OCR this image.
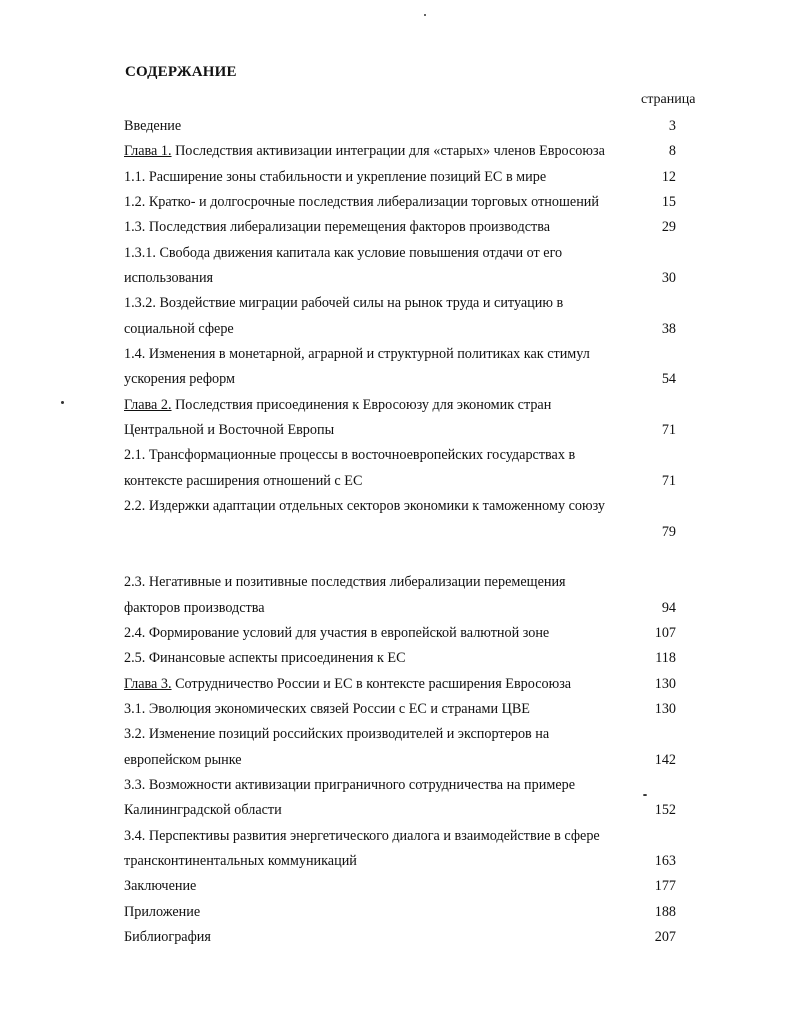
СОДЕРЖАНИЕ
страница
Введение	3
Глава 1. Последствия активизации интеграции для «старых» членов Евросоюза	8
1.1. Расширение зоны стабильности и укрепление позиций ЕС в мире	12
1.2. Кратко- и долгосрочные последствия либерализации торговых отношений	15
1.3. Последствия либерализации перемещения факторов производства	29
1.3.1. Свобода движения капитала как условие повышения отдачи от его
использования	30
1.3.2. Воздействие миграции рабочей силы на рынок труда и ситуацию в
социальной сфере	38
1.4. Изменения в монетарной, аграрной и структурной политиках как стимул
ускорения реформ	54
Глава 2. Последствия присоединения к Евросоюзу для экономик стран
Центральной и Восточной Европы	71
2.1. Трансформационные процессы в восточноевропейских государствах в
контексте расширения отношений с ЕС	71
2.2. Издержки адаптации отдельных секторов экономики к таможенному союзу
79
2.3. Негативные и позитивные последствия либерализации перемещения
факторов производства	94
2.4. Формирование условий для участия в европейской валютной зоне	107
2.5. Финансовые аспекты присоединения к ЕС	118
Глава 3. Сотрудничество России и ЕС в контексте расширения Евросоюза	130
3.1. Эволюция экономических связей России с ЕС и странами ЦВЕ	130
3.2. Изменение позиций российских производителей и экспортеров на
европейском рынке	142
3.3. Возможности активизации приграничного сотрудничества на примере
Калининградской области	152
3.4. Перспективы развития энергетического диалога и взаимодействие в сфере
трансконтинентальных коммуникаций	163
Заключение	177
Приложение	188
Библиография	207
